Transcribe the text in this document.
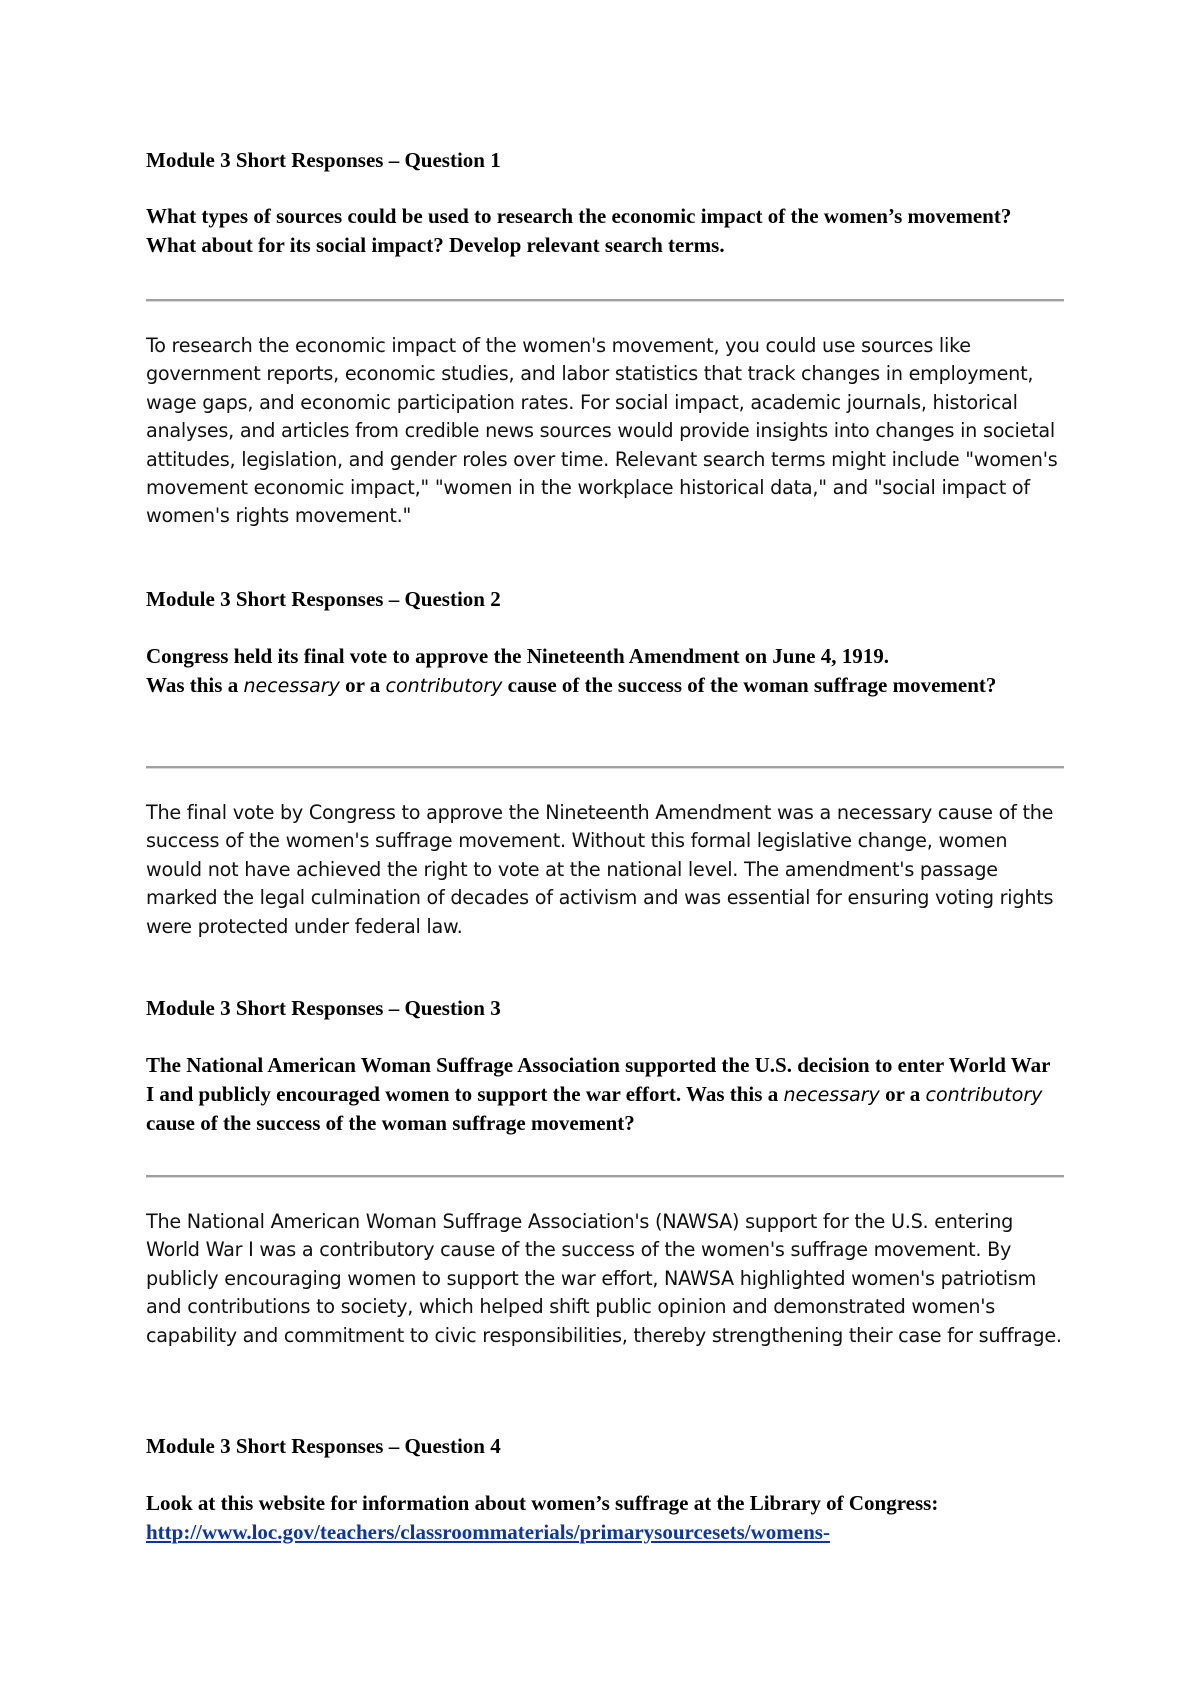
Module 3 Short Responses – Question 1

What types of sources could be used to research the economic impact of the women’s movement? What about for its social impact? Develop relevant search terms.

To research the economic impact of the women's movement, you could use sources like government reports, economic studies, and labor statistics that track changes in employment, wage gaps, and economic participation rates. For social impact, academic journals, historical analyses, and articles from credible news sources would provide insights into changes in societal attitudes, legislation, and gender roles over time. Relevant search terms might include "women's movement economic impact," "women in the workplace historical data," and "social impact of women's rights movement."

Module 3 Short Responses – Question 2

Congress held its final vote to approve the Nineteenth Amendment on June 4, 1919.
Was this a necessary or a contributory cause of the success of the woman suffrage movement?

The final vote by Congress to approve the Nineteenth Amendment was a necessary cause of the success of the women's suffrage movement. Without this formal legislative change, women would not have achieved the right to vote at the national level. The amendment's passage marked the legal culmination of decades of activism and was essential for ensuring voting rights were protected under federal law.

Module 3 Short Responses – Question 3

The National American Woman Suffrage Association supported the U.S. decision to enter World War I and publicly encouraged women to support the war effort. Was this a necessary or a contributory cause of the success of the woman suffrage movement?

The National American Woman Suffrage Association's (NAWSA) support for the U.S. entering World War I was a contributory cause of the success of the women's suffrage movement. By publicly encouraging women to support the war effort, NAWSA highlighted women's patriotism and contributions to society, which helped shift public opinion and demonstrated women's capability and commitment to civic responsibilities, thereby strengthening their case for suffrage.

Module 3 Short Responses – Question 4

Look at this website for information about women’s suffrage at the Library of Congress: http://www.loc.gov/teachers/classroommaterials/primarysourcesets/womens-
